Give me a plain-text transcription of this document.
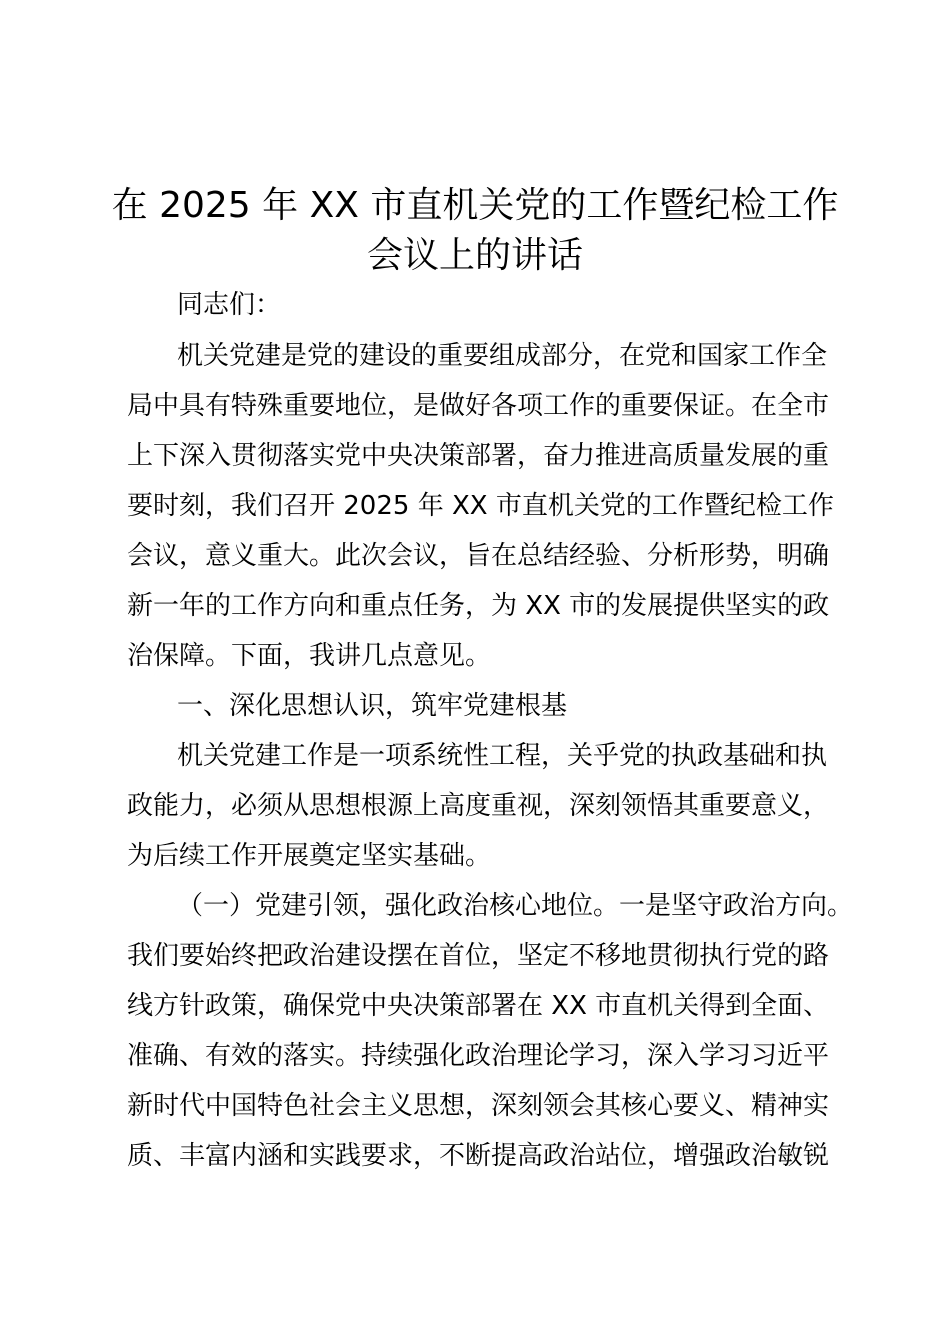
在 2025 年 XX 市直机关党的工作暨纪检工作
会议上的讲话
同志们：
机关党建是党的建设的重要组成部分，在党和国家工作全
局中具有特殊重要地位，是做好各项工作的重要保证。在全市
上下深入贯彻落实党中央决策部署，奋力推进高质量发展的重
要时刻，我们召开 2025 年 XX 市直机关党的工作暨纪检工作
会议，意义重大。此次会议，旨在总结经验、分析形势，明确
新一年的工作方向和重点任务，为 XX 市的发展提供坚实的政
治保障。下面，我讲几点意见。
一、深化思想认识，筑牢党建根基
机关党建工作是一项系统性工程，关乎党的执政基础和执
政能力，必须从思想根源上高度重视，深刻领悟其重要意义，
为后续工作开展奠定坚实基础。
（一）党建引领，强化政治核心地位。一是坚守政治方向。
我们要始终把政治建设摆在首位，坚定不移地贯彻执行党的路
线方针政策，确保党中央决策部署在 XX 市直机关得到全面、
准确、有效的落实。持续强化政治理论学习，深入学习习近平
新时代中国特色社会主义思想，深刻领会其核心要义、精神实
质、丰富内涵和实践要求，不断提高政治站位，增强政治敏锐
